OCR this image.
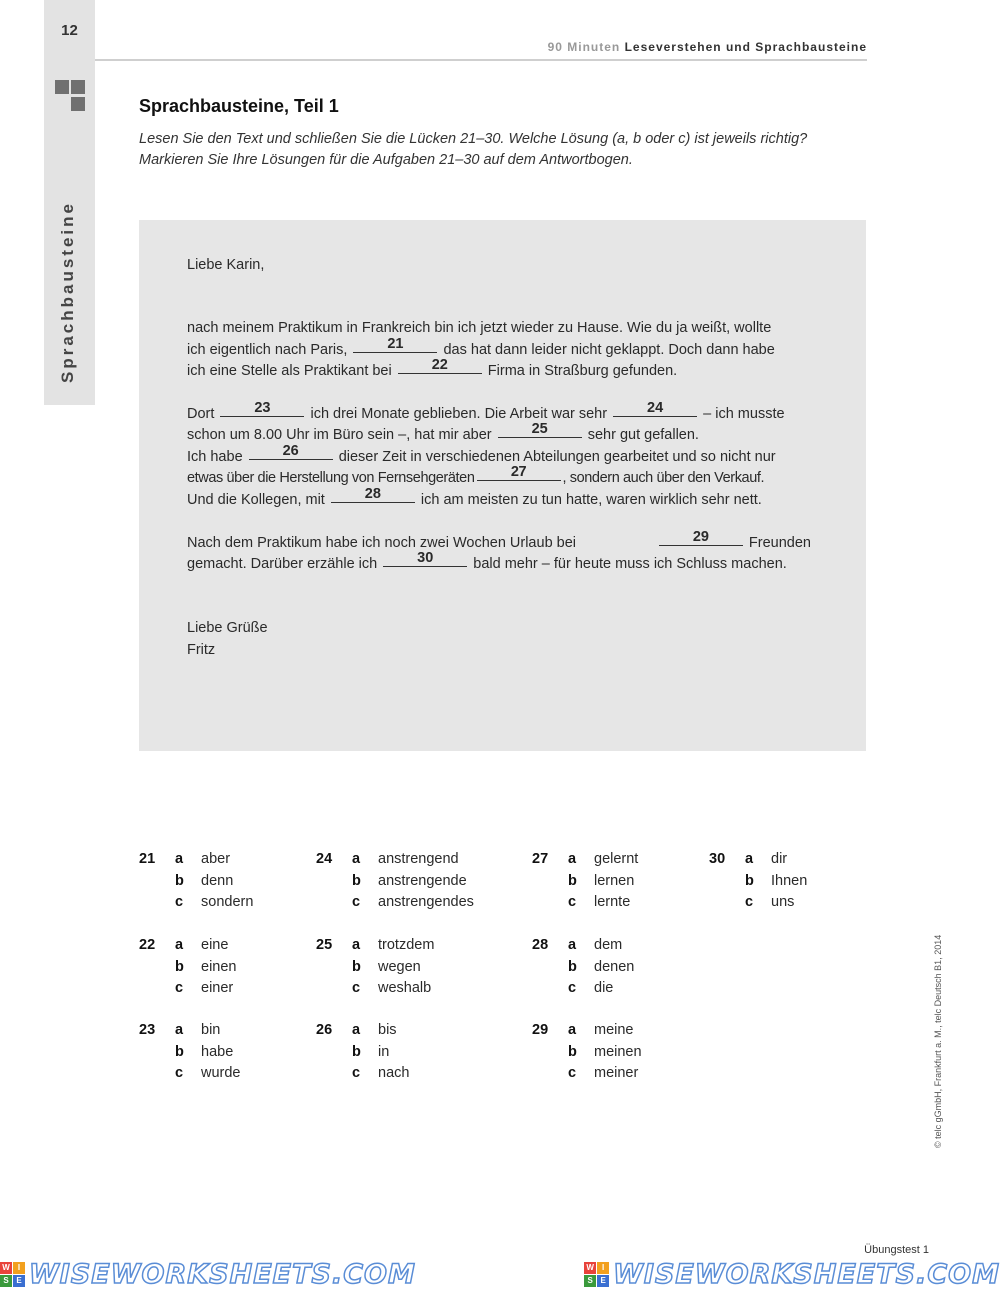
12
Sprachbausteine
90 Minuten Leseverstehen und Sprachbausteine
Sprachbausteine, Teil 1
Lesen Sie den Text und schließen Sie die Lücken 21–30. Welche Lösung (a, b oder c) ist jeweils richtig?
Markieren Sie Ihre Lösungen für die Aufgaben 21–30 auf dem Antwortbogen.
Liebe Karin,
nach meinem Praktikum in Frankreich bin ich jetzt wieder zu Hause. Wie du ja weißt, wollte
ich eigentlich nach Paris,	21	das hat dann leider nicht geklappt. Doch dann habe
ich eine Stelle als Praktikant bei	22	Firma in Straßburg gefunden.
Dort	23	ich drei Monate geblieben. Die Arbeit war sehr	24	– ich musste
schon um 8.00 Uhr im Büro sein –, hat mir aber	25	sehr gut gefallen.
Ich habe	26	dieser Zeit in verschiedenen Abteilungen gearbeitet und so nicht nur
etwas über die Herstellung von Fernsehgeräten	27	, sondern auch über den Verkauf.
Und die Kollegen, mit	28	ich am meisten zu tun hatte, waren wirklich sehr nett.
Nach dem Praktikum habe ich noch zwei Wochen Urlaub bei	29	Freunden
gemacht. Darüber erzähle ich	30	bald mehr – für heute muss ich Schluss machen.
Liebe Grüße
Fritz
21	a	aber
b	denn
c	sondern
22	a	eine
b	einen
c	einer
23	a	bin
b	habe
c	wurde
24	a	anstrengend
b	anstrengende
c	anstrengendes
25	a	trotzdem
b	wegen
c	weshalb
26	a	bis
b	in
c	nach
27	a	gelernt
b	lernen
c	lernte
28	a	dem
b	denen
c	die
29	a	meine
b	meinen
c	meiner
30	a	dir
b	Ihnen
c	uns
© telc gGmbH, Frankfurt a. M., telc Deutsch B1, 2014
Übungstest 1
W	I
S E WISEWORKSHEETS.COM	W	I
S E WISEWORKSHEETS.COM
